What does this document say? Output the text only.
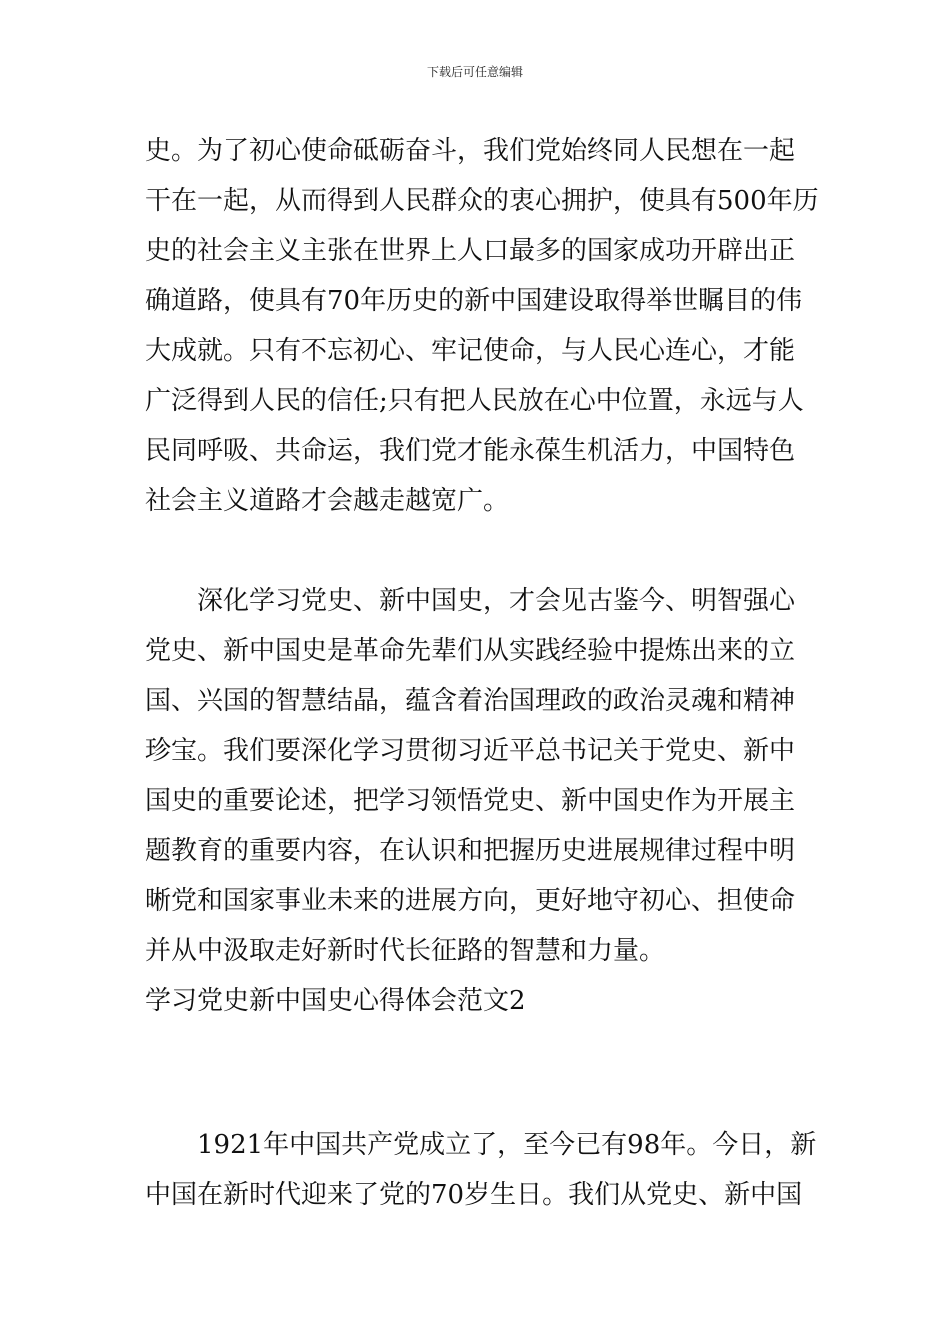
下载后可任意编辑
史。为了初心使命砥砺奋斗，我们党始终同人民想在一起
干在一起，从而得到人民群众的衷心拥护，使具有500年历
史的社会主义主张在世界上人口最多的国家成功开辟出正
确道路，使具有70年历史的新中国建设取得举世瞩目的伟
大成就。只有不忘初心、牢记使命，与人民心连心，才能
广泛得到人民的信任;只有把人民放在心中位置，永远与人
民同呼吸、共命运，我们党才能永葆生机活力，中国特色
社会主义道路才会越走越宽广。
深化学习党史、新中国史，才会见古鉴今、明智强心
党史、新中国史是革命先辈们从实践经验中提炼出来的立
国、兴国的智慧结晶，蕴含着治国理政的政治灵魂和精神
珍宝。我们要深化学习贯彻习近平总书记关于党史、新中
国史的重要论述，把学习领悟党史、新中国史作为开展主
题教育的重要内容，在认识和把握历史进展规律过程中明
晰党和国家事业未来的进展方向，更好地守初心、担使命
并从中汲取走好新时代长征路的智慧和力量。
学习党史新中国史心得体会范文2
1921年中国共产党成立了，至今已有98年。今日，新
中国在新时代迎来了党的70岁生日。我们从党史、新中国
